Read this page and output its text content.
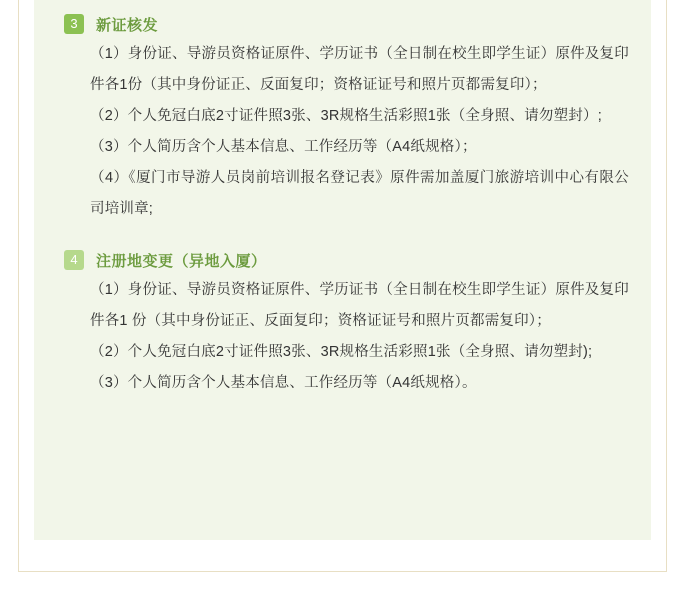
3	新证核发
（1）身份证、导游员资格证原件、学历证书（全日制在校生即学生证）原件及复印件各1份（其中身份证正、反面复印；资格证证号和照片页都需复印）；
（2）个人免冠白底2寸证件照3张、3R规格生活彩照1张（全身照、请勿塑封）;
（3）个人简历含个人基本信息、工作经历等（A4纸规格）；
（4）《厦门市导游人员岗前培训报名登记表》原件需加盖厦门旅游培训中心有限公司培训章;
4	注册地变更（异地入厦）
（1）身份证、导游员资格证原件、学历证书（全日制在校生即学生证）原件及复印件各1 份（其中身份证正、反面复印；资格证证号和照片页都需复印）；
（2）个人免冠白底2寸证件照3张、3R规格生活彩照1张（全身照、请勿塑封);
（3）个人简历含个人基本信息、工作经历等（A4纸规格）。
